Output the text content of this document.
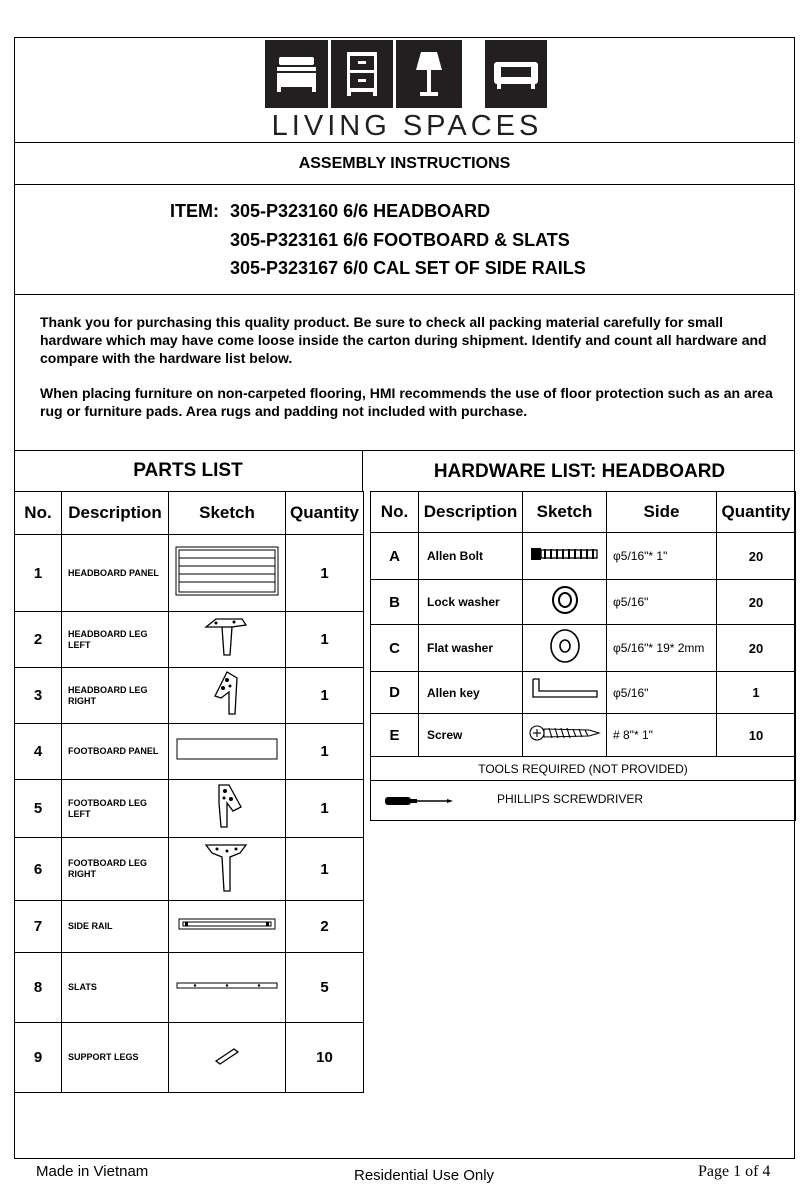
LIVING SPACES
ASSEMBLY INSTRUCTIONS
ITEM: 305-P323160 6/6 HEADBOARD
305-P323161 6/6 FOOTBOARD & SLATS
305-P323167 6/0 CAL SET OF SIDE RAILS
Thank you for purchasing this quality product. Be sure to check all packing material carefully for small hardware which may have come loose inside the carton during shipment. Identify and count all hardware and compare with the hardware list below.
When placing furniture on non-carpeted flooring, HMI recommends the use of floor protection such as an area rug or furniture pads. Area rugs and padding not included with purchase.
PARTS LIST	HARDWARE LIST: HEADBOARD
No.	Description	Sketch	Quantity
1	HEADBOARD PANEL		1
2	HEADBOARD LEG LEFT		1
3	HEADBOARD LEG RIGHT		1
4	FOOTBOARD PANEL		1
5	FOOTBOARD LEG LEFT		1
6	FOOTBOARD LEG RIGHT		1
7	SIDE RAIL		2
8	SLATS		5
9	SUPPORT LEGS		10
No.	Description	Sketch	Side	Quantity
A	Allen Bolt		φ5/16"* 1"	20
B	Lock washer		φ5/16"	20
C	Flat washer		φ5/16"* 19* 2mm	20
D	Allen key		φ5/16"	1
E	Screw		# 8"* 1"	10
TOOLS REQUIRED (NOT PROVIDED)				

PHILLIPS SCREWDRIVER				
Made in Vietnam	Residential Use Only	Page 1 of 4
